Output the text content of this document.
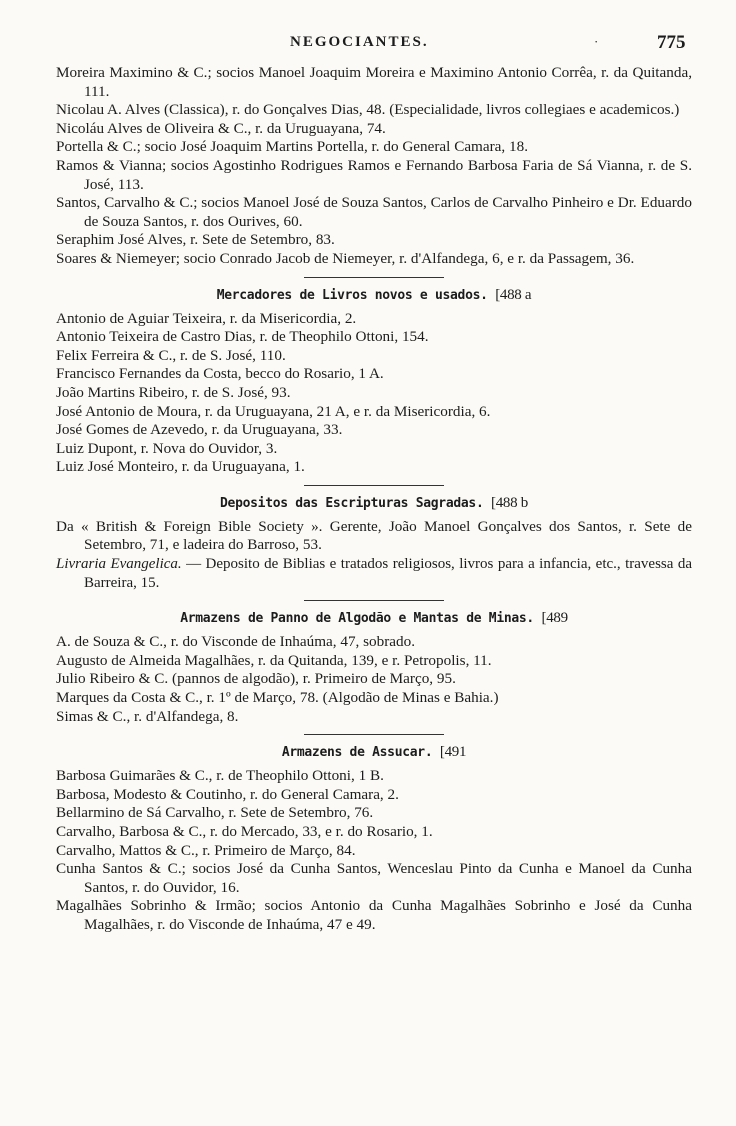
NEGOCIANTES.	·	775

Moreira Maximino & C.; socios Manoel Joaquim Moreira e Maximino Antonio Corrêa, r. da Quitanda, 111.

Nicolau A. Alves (Classica), r. do Gonçalves Dias, 48. (Especialidade, livros collegiaes e academicos.)

Nicoláu Alves de Oliveira & C., r. da Uruguayana, 74.

Portella & C.; socio José Joaquim Martins Portella, r. do General Camara, 18.

Ramos & Vianna; socios Agostinho Rodrigues Ramos e Fernando Barbosa Faria de Sá Vianna, r. de S. José, 113.

Santos, Carvalho & C.; socios Manoel José de Souza Santos, Carlos de Carvalho Pinheiro e Dr. Eduardo de Souza Santos, r. dos Ourives, 60.

Seraphim José Alves, r. Sete de Setembro, 83.

Soares & Niemeyer; socio Conrado Jacob de Niemeyer, r. d'Alfandega, 6, e r. da Passagem, 36.

Mercadores de Livros novos e usados. [488 a

Antonio de Aguiar Teixeira, r. da Misericordia, 2.

Antonio Teixeira de Castro Dias, r. de Theophilo Ottoni, 154.

Felix Ferreira & C., r. de S. José, 110.

Francisco Fernandes da Costa, becco do Rosario, 1 A.

João Martins Ribeiro, r. de S. José, 93.

José Antonio de Moura, r. da Uruguayana, 21 A, e r. da Misericordia, 6.

José Gomes de Azevedo, r. da Uruguayana, 33.

Luiz Dupont, r. Nova do Ouvidor, 3.

Luiz José Monteiro, r. da Uruguayana, 1.

Depositos das Escripturas Sagradas. [488 b

Da « British & Foreign Bible Society ». Gerente, João Manoel Gonçalves dos Santos, r. Sete de Setembro, 71, e ladeira do Barroso, 53.

Livraria Evangelica. — Deposito de Biblias e tratados religiosos, livros para a infancia, etc., travessa da Barreira, 15.

Armazens de Panno de Algodão e Mantas de Minas. [489

A. de Souza & C., r. do Visconde de Inhaúma, 47, sobrado.

Augusto de Almeida Magalhães, r. da Quitanda, 139, e r. Petropolis, 11.

Julio Ribeiro & C. (pannos de algodão), r. Primeiro de Março, 95.

Marques da Costa & C., r. 1º de Março, 78. (Algodão de Minas e Bahia.)

Simas & C., r. d'Alfandega, 8.

Armazens de Assucar. [491

Barbosa Guimarães & C., r. de Theophilo Ottoni, 1 B.

Barbosa, Modesto & Coutinho, r. do General Camara, 2.

Bellarmino de Sá Carvalho, r. Sete de Setembro, 76.

Carvalho, Barbosa & C., r. do Mercado, 33, e r. do Rosario, 1.

Carvalho, Mattos & C., r. Primeiro de Março, 84.

Cunha Santos & C.; socios José da Cunha Santos, Wenceslau Pinto da Cunha e Manoel da Cunha Santos, r. do Ouvidor, 16.

Magalhães Sobrinho & Irmão; socios Antonio da Cunha Magalhães Sobrinho e José da Cunha Magalhães, r. do Visconde de Inhaúma, 47 e 49.
